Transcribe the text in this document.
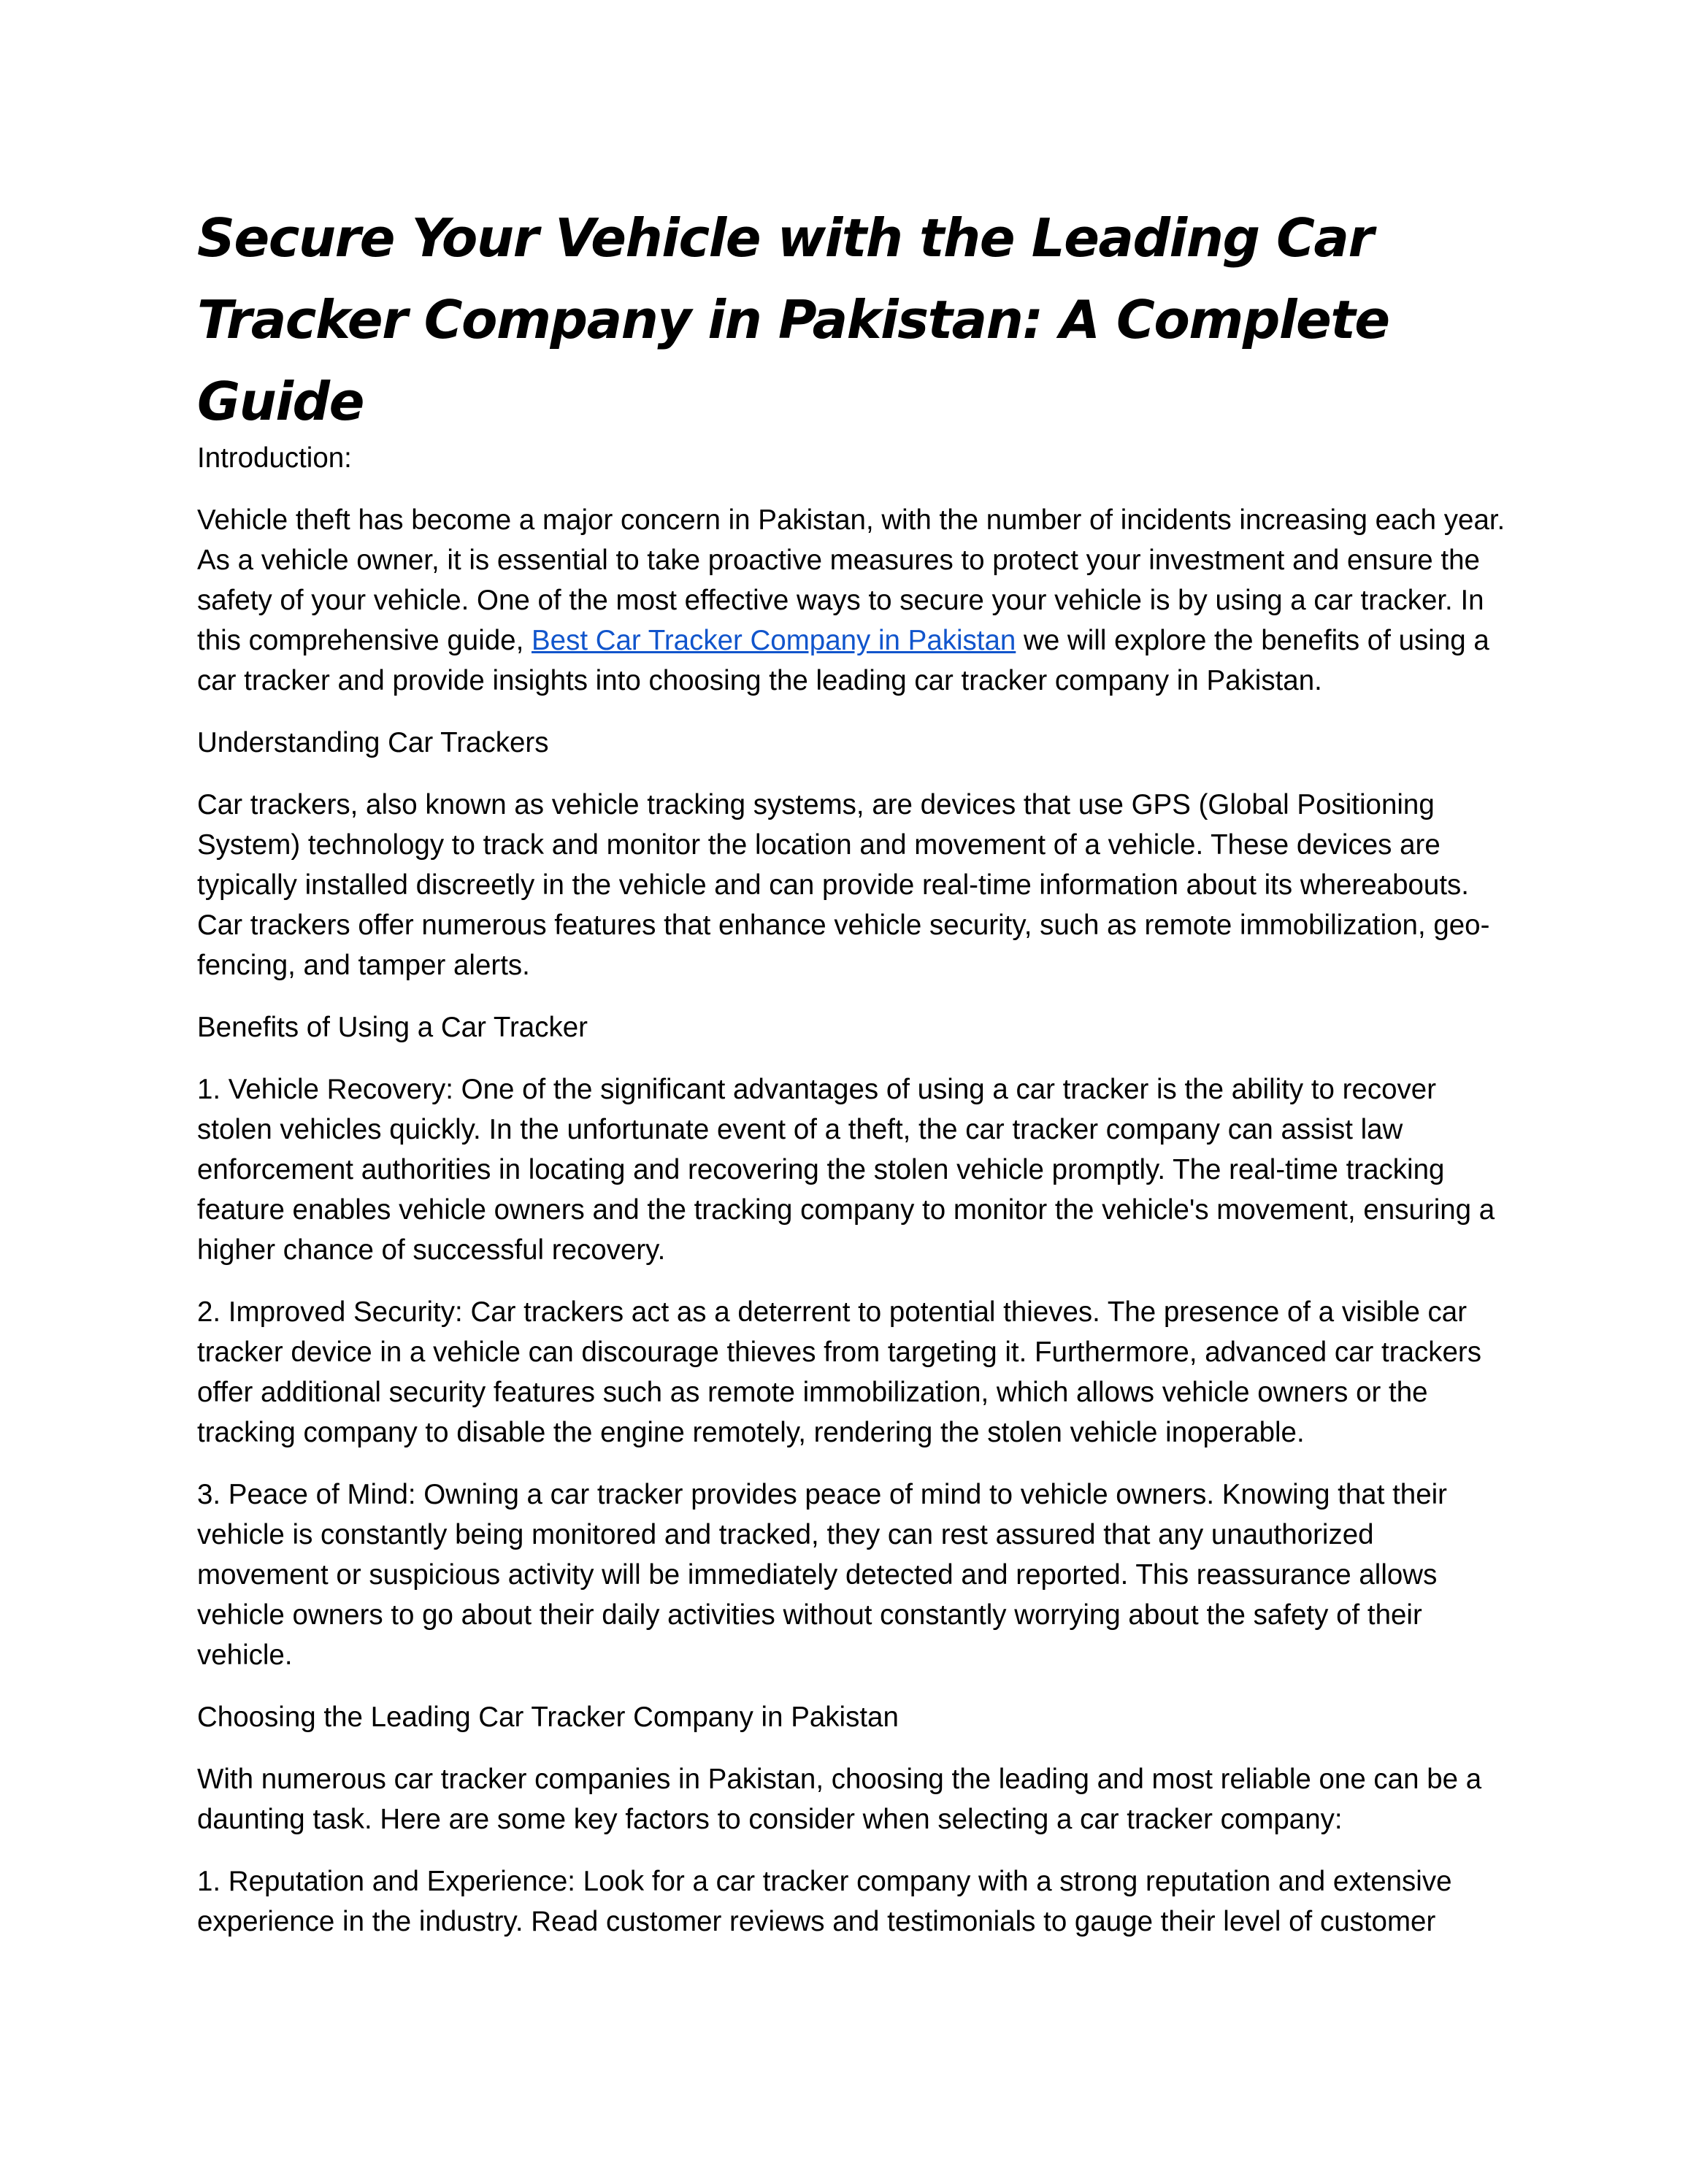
Secure Your Vehicle with the Leading Car Tracker Company in Pakistan: A Complete Guide

Introduction:

Vehicle theft has become a major concern in Pakistan, with the number of incidents increasing each year. As a vehicle owner, it is essential to take proactive measures to protect your investment and ensure the safety of your vehicle. One of the most effective ways to secure your vehicle is by using a car tracker. In this comprehensive guide, Best Car Tracker Company in Pakistan we will explore the benefits of using a car tracker and provide insights into choosing the leading car tracker company in Pakistan.

Understanding Car Trackers

Car trackers, also known as vehicle tracking systems, are devices that use GPS (Global Positioning System) technology to track and monitor the location and movement of a vehicle. These devices are typically installed discreetly in the vehicle and can provide real-time information about its whereabouts. Car trackers offer numerous features that enhance vehicle security, such as remote immobilization, geo-fencing, and tamper alerts.

Benefits of Using a Car Tracker

1. Vehicle Recovery: One of the significant advantages of using a car tracker is the ability to recover stolen vehicles quickly. In the unfortunate event of a theft, the car tracker company can assist law enforcement authorities in locating and recovering the stolen vehicle promptly. The real-time tracking feature enables vehicle owners and the tracking company to monitor the vehicle's movement, ensuring a higher chance of successful recovery.

2. Improved Security: Car trackers act as a deterrent to potential thieves. The presence of a visible car tracker device in a vehicle can discourage thieves from targeting it. Furthermore, advanced car trackers offer additional security features such as remote immobilization, which allows vehicle owners or the tracking company to disable the engine remotely, rendering the stolen vehicle inoperable.

3. Peace of Mind: Owning a car tracker provides peace of mind to vehicle owners. Knowing that their vehicle is constantly being monitored and tracked, they can rest assured that any unauthorized movement or suspicious activity will be immediately detected and reported. This reassurance allows vehicle owners to go about their daily activities without constantly worrying about the safety of their vehicle.

Choosing the Leading Car Tracker Company in Pakistan

With numerous car tracker companies in Pakistan, choosing the leading and most reliable one can be a daunting task. Here are some key factors to consider when selecting a car tracker company:

1. Reputation and Experience: Look for a car tracker company with a strong reputation and extensive experience in the industry. Read customer reviews and testimonials to gauge their level of customer
